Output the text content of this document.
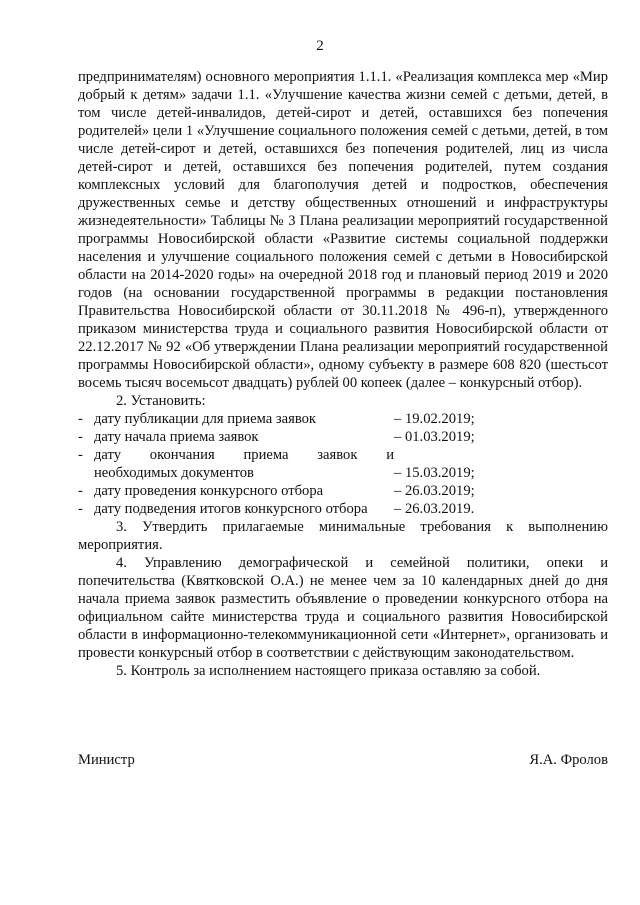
2

предпринимателям) основного мероприятия 1.1.1. «Реализация комплекса мер «Мир добрый к детям» задачи 1.1. «Улучшение качества жизни семей с детьми, детей, в том числе детей-инвалидов, детей-сирот и детей, оставшихся без попечения родителей» цели 1 «Улучшение социального положения семей с детьми, детей, в том числе детей-сирот и детей, оставшихся без попечения родителей, лиц из числа детей-сирот и детей, оставшихся без попечения родителей, путем создания комплексных условий для благополучия детей и подростков, обеспечения дружественных семье и детству общественных отношений и инфраструктуры жизнедеятельности» Таблицы № 3 Плана реализации мероприятий государственной программы Новосибирской области «Развитие системы социальной поддержки населения и улучшение социального положения семей с детьми в Новосибирской области на 2014-2020 годы» на очередной 2018 год и плановый период 2019 и 2020 годов (на основании государственной программы в редакции постановления Правительства Новосибирской области от 30.11.2018 № 496-п), утвержденного приказом министерства труда и социального развития Новосибирской области от 22.12.2017 № 92 «Об утверждении Плана реализации мероприятий государственной программы Новосибирской области», одному субъекту в размере 608 820 (шестьсот восемь тысяч восемьсот двадцать) рублей 00 копеек (далее – конкурсный отбор).

2. Установить:

- дату публикации для приема заявок	– 19.02.2019;
- дату начала приема заявок	– 01.03.2019;
- дату окончания приема заявок и
необходимых документов	– 15.03.2019;
- дату проведения конкурсного отбора	– 26.03.2019;
- дату подведения итогов конкурсного отбора	– 26.03.2019.

3. Утвердить прилагаемые минимальные требования к выполнению мероприятия.

4. Управлению демографической и семейной политики, опеки и попечительства (Квятковской О.А.) не менее чем за 10 календарных дней до дня начала приема заявок разместить объявление о проведении конкурсного отбора на официальном сайте министерства труда и социального развития Новосибирской области в информационно-телекоммуникационной сети «Интернет», организовать и провести конкурсный отбор в соответствии с действующим законодательством.

5. Контроль за исполнением настоящего приказа оставляю за собой.

Министр	Я.А. Фролов
